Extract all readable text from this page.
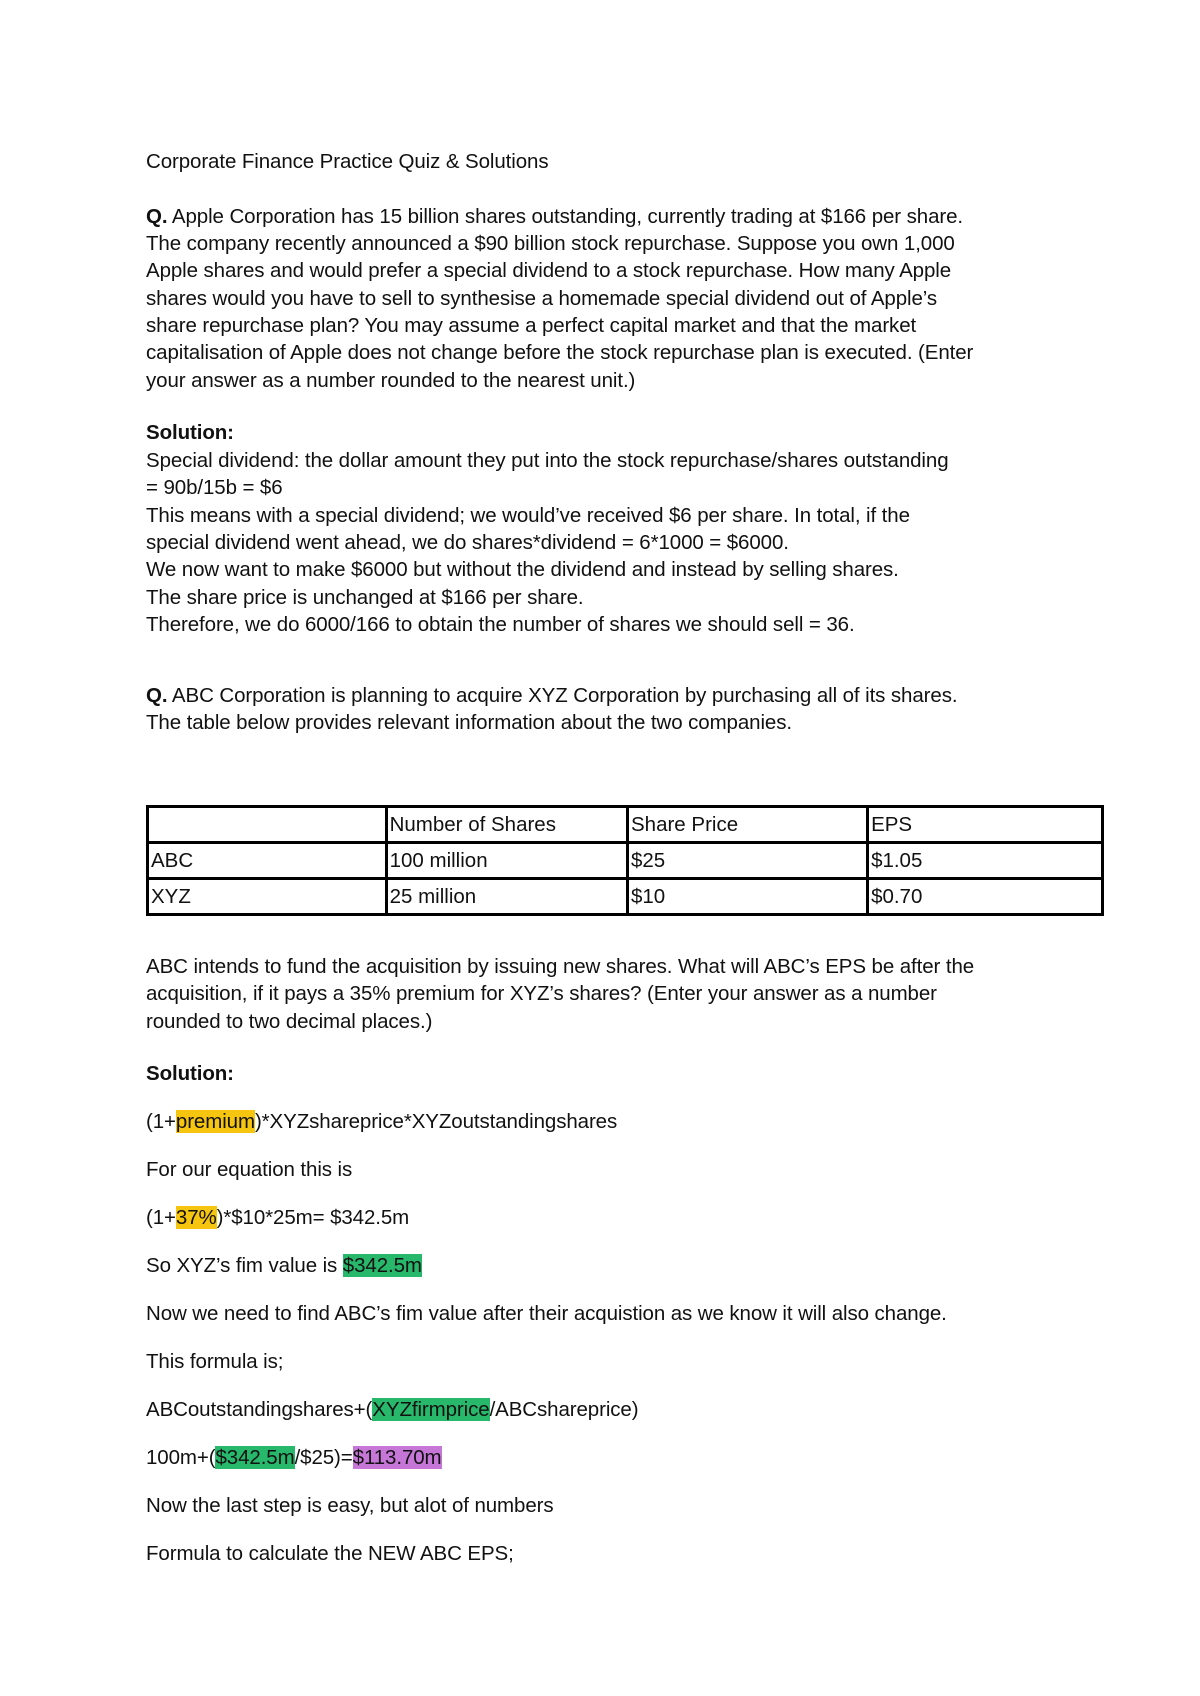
Corporate Finance Practice Quiz & Solutions
Q. Apple Corporation has 15 billion shares outstanding, currently trading at $166 per share.
The company recently announced a $90 billion stock repurchase. Suppose you own 1,000
Apple shares and would prefer a special dividend to a stock repurchase. How many Apple
shares would you have to sell to synthesise a homemade special dividend out of Apple’s
share repurchase plan? You may assume a perfect capital market and that the market
capitalisation of Apple does not change before the stock repurchase plan is executed. (Enter
your answer as a number rounded to the nearest unit.)
Solution:
Special dividend: the dollar amount they put into the stock repurchase/shares outstanding
= 90b/15b = $6
This means with a special dividend; we would’ve received $6 per share. In total, if the
special dividend went ahead, we do shares*dividend = 6*1000 = $6000.
We now want to make $6000 but without the dividend and instead by selling shares.
The share price is unchanged at $166 per share.
Therefore, we do 6000/166 to obtain the number of shares we should sell = 36.
Q. ABC Corporation is planning to acquire XYZ Corporation by purchasing all of its shares.
The table below provides relevant information about the two companies.
	Number of Shares	Share Price	EPS
ABC	100 million	$25	$1.05
XYZ	25 million	$10	$0.70
ABC intends to fund the acquisition by issuing new shares. What will ABC’s EPS be after the
acquisition, if it pays a 35% premium for XYZ’s shares? (Enter your answer as a number
rounded to two decimal places.)
Solution:
(1+premium)*XYZshareprice*XYZoutstandingshares
For our equation this is
(1+37%)*$10*25m= $342.5m
So XYZ’s fim value is $342.5m
Now we need to find ABC’s fim value after their acquistion as we know it will also change.
This formula is;
ABCoutstandingshares+(XYZfirmprice/ABCshareprice)
100m+($342.5m/$25)=$113.70m
Now the last step is easy, but alot of numbers
Formula to calculate the NEW ABC EPS;
